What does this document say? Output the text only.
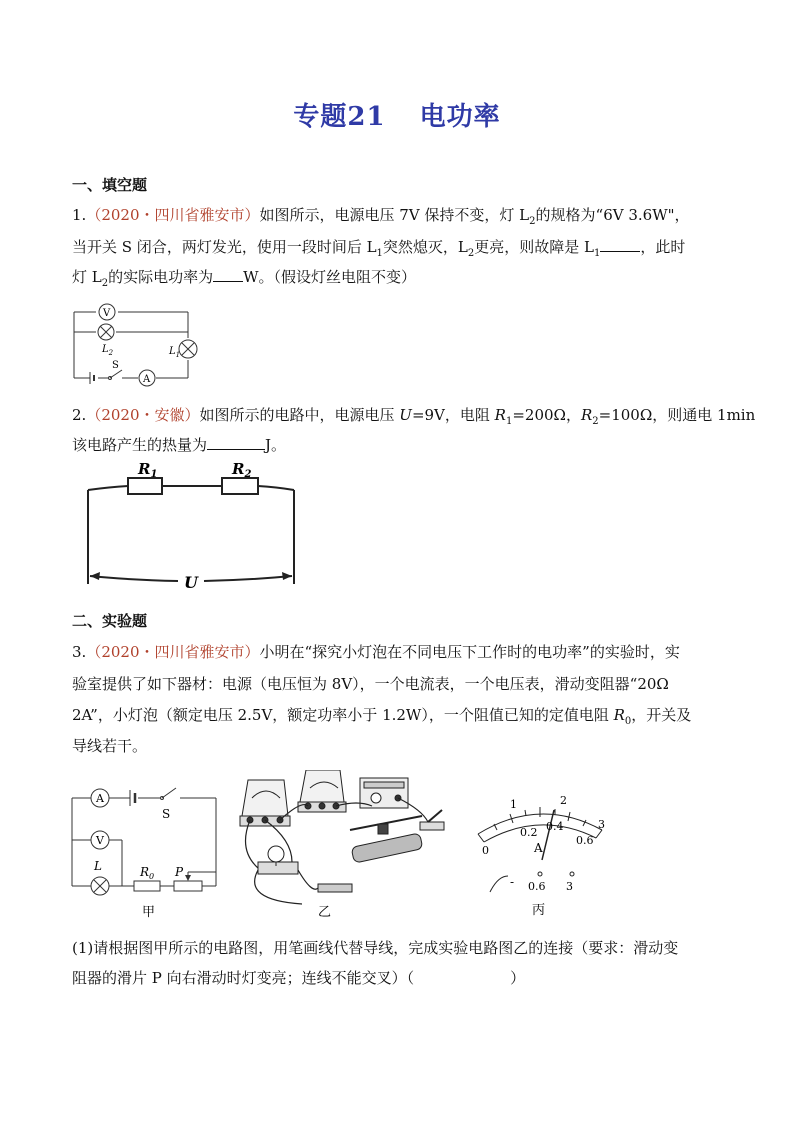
专题21 电功率
一、填空题
1.（2020・四川省雅安市）如图所示，电源电压 7V 保持不变，灯 $L_2$的规格为“6V 3.6W"，
当开关 S 闭合，两灯发光，使用一段时间后 $L_1$突然熄灭，$L_2$更亮，则故障是 $L_1$	，此时
灯 $L_2$的实际电功率为 W。（假设灯丝电阻不变）
V
$L_2$	$L_1$
S
A
2.（2020・安徽）如图所示的电路中，电源电压 U=9V，电阻 $R_1=200\Omega$，$R_2=100\Omega$，则通电 1min
该电路产生的热量为	J。
$R_1$	$R_2$
U
二、实验题
3.（2020・四川省雅安市）小明在“探究小灯泡在不同电压下工作时的电功率”的实验时，实
验室提供了如下器材：电源（电压恒为 8V），一个电流表，一个电压表，滑动变阻器“20Ω
2A”，小灯泡（额定电压 2.5V，额定功率小于 1.2W），一个阻值已知的定值电阻 $R_0$，开关及
导线若干。
A
S
V
L	$R_0$ P
甲	乙
1	2
3
0
0.2 0.4
0.6
A
- 0.6 3
丙
(1)请根据图甲所示的电路图，用笔画线代替导线，完成实验电路图乙的连接（要求：滑动变
阻器的滑片 P 向右滑动时灯变亮；连线不能交叉）（	）
